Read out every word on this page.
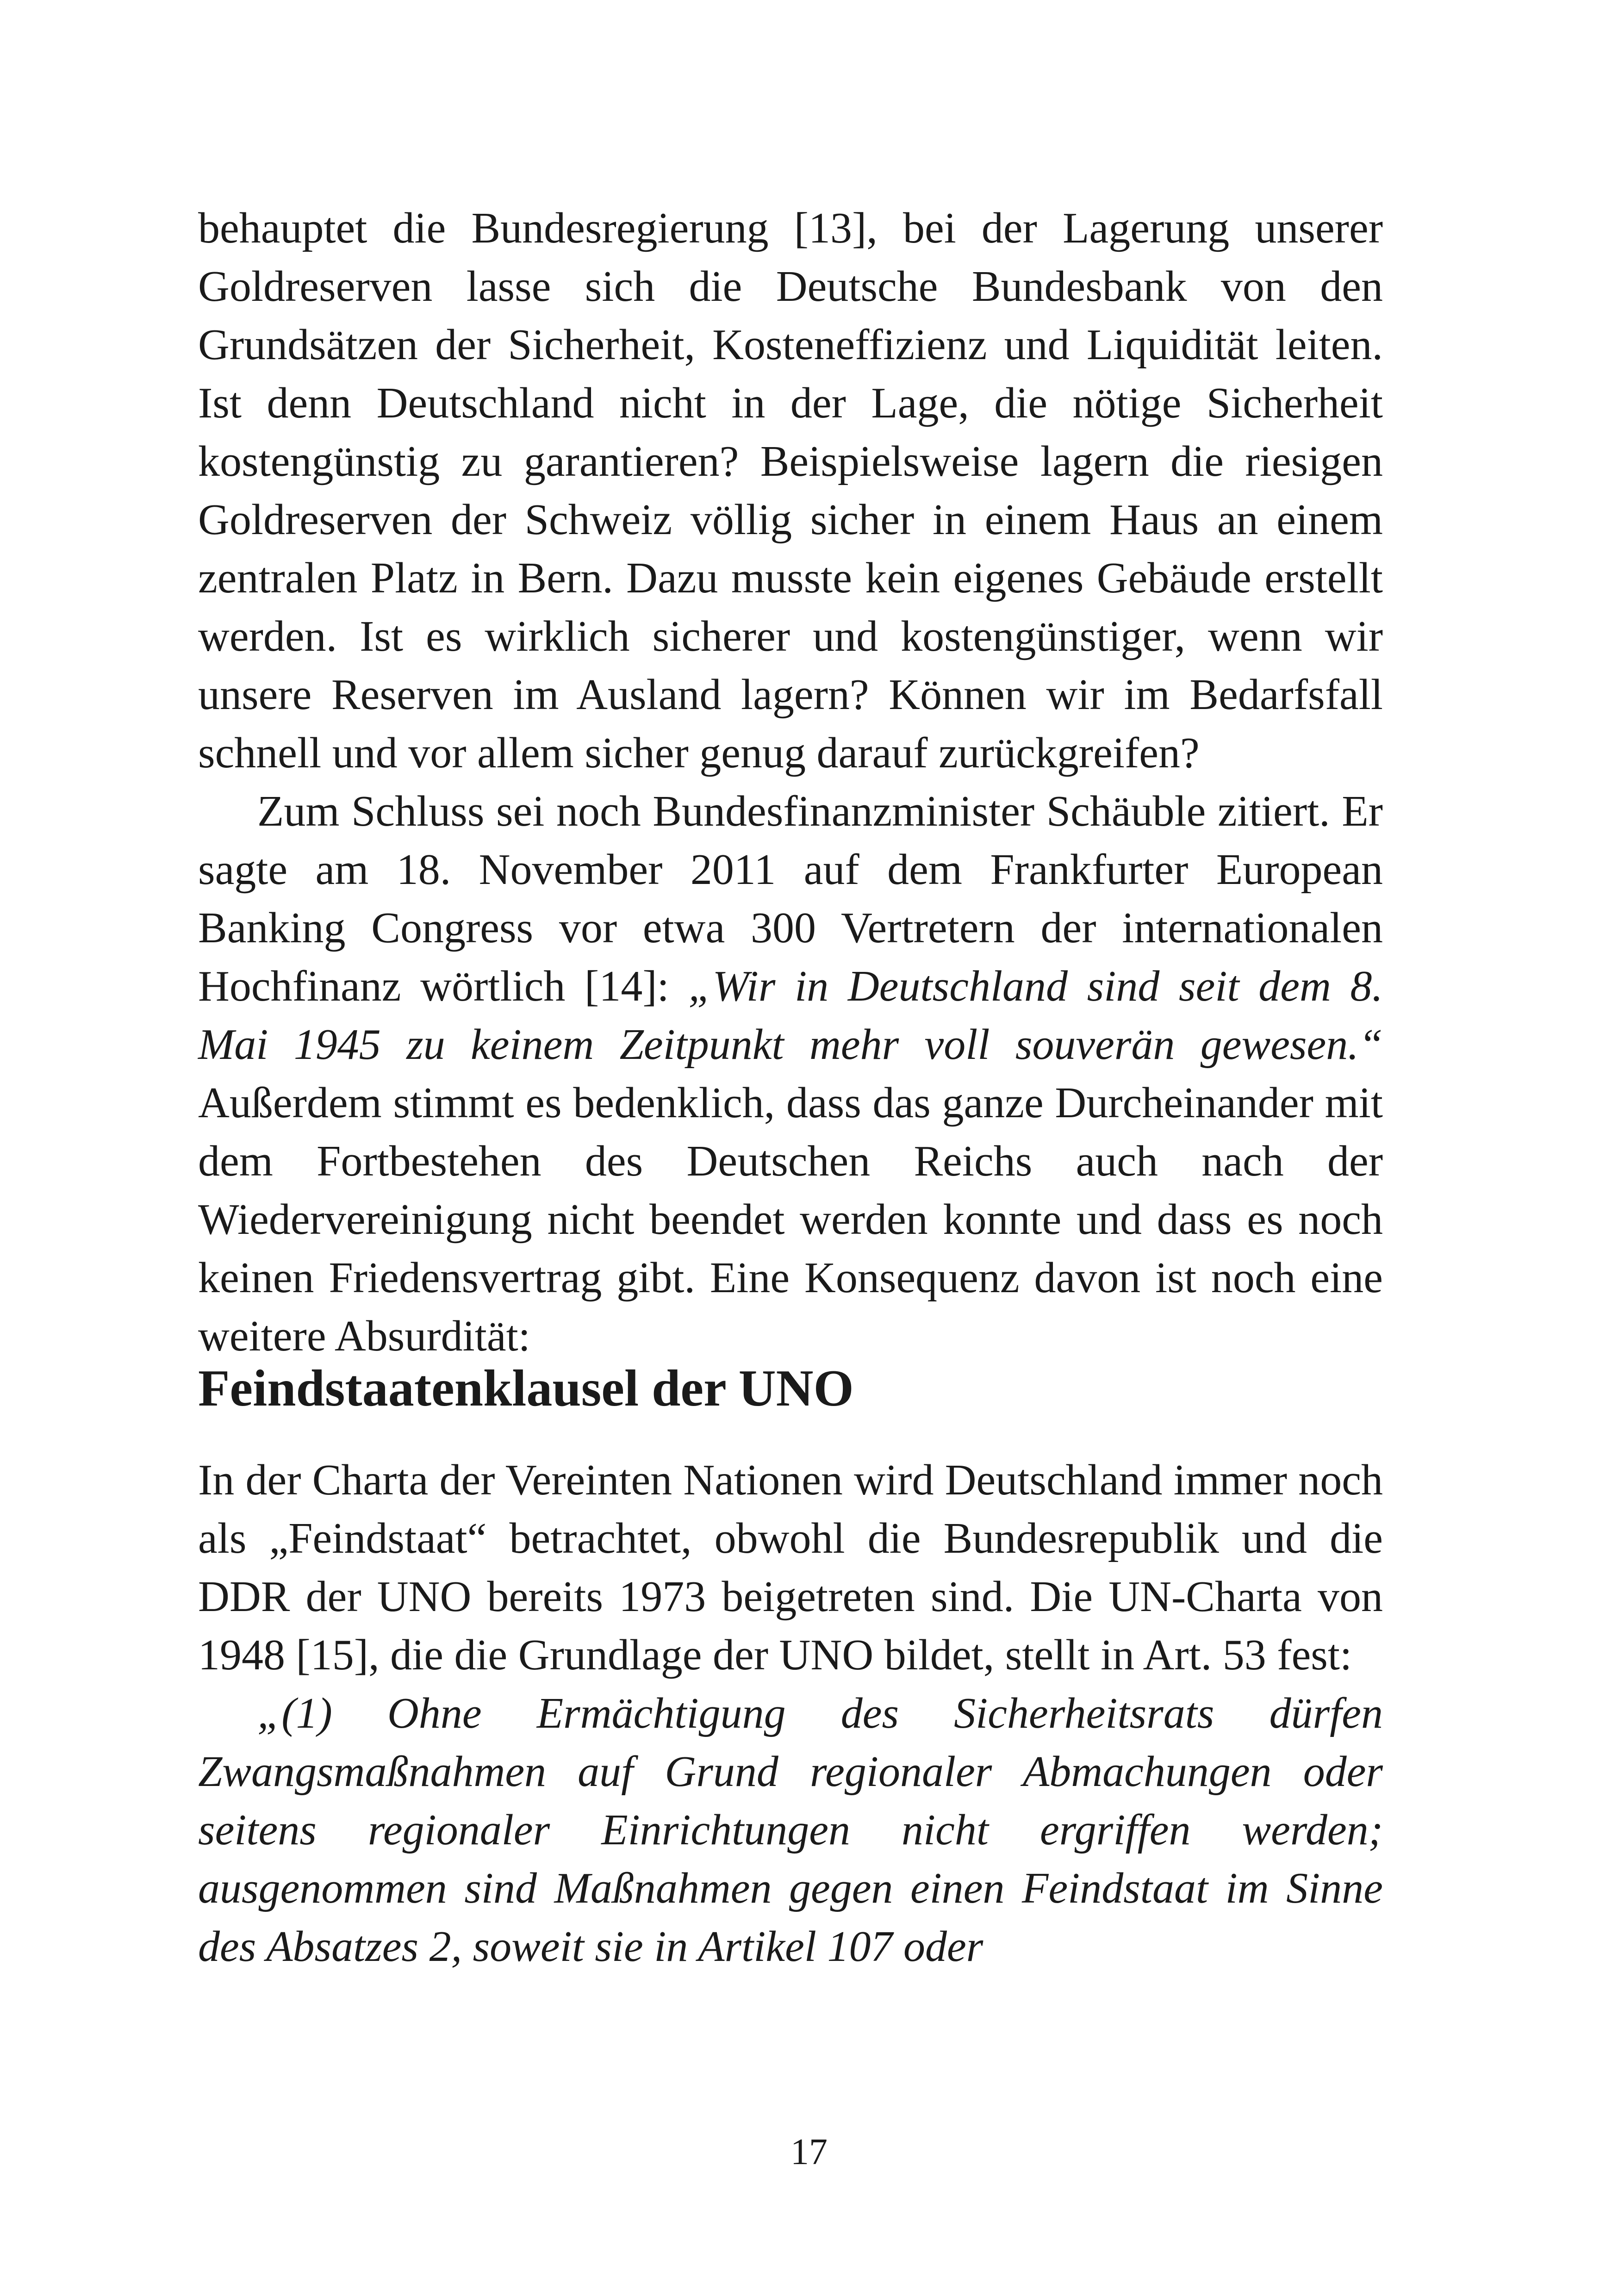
behauptet die Bundesregierung [13], bei der Lagerung unserer Goldreserven lasse sich die Deutsche Bundesbank von den Grundsätzen der Sicherheit, Kosteneffizienz und Liquidität leiten. Ist denn Deutschland nicht in der Lage, die nötige Sicherheit kostengünstig zu garantieren? Beispielsweise lagern die riesigen Goldreserven der Schweiz völlig sicher in einem Haus an einem zentralen Platz in Bern. Dazu musste kein eigenes Gebäude erstellt werden. Ist es wirklich sicherer und kostengünstiger, wenn wir unsere Reserven im Ausland lagern? Können wir im Bedarfsfall schnell und vor allem sicher genug darauf zurückgreifen?

Zum Schluss sei noch Bundesfinanzminister Schäuble zitiert. Er sagte am 18. November 2011 auf dem Frankfurter European Banking Congress vor etwa 300 Vertretern der internationalen Hochfinanz wörtlich [14]: „Wir in Deutschland sind seit dem 8. Mai 1945 zu keinem Zeitpunkt mehr voll souverän gewesen.“ Außerdem stimmt es bedenklich, dass das ganze Durcheinander mit dem Fortbestehen des Deutschen Reichs auch nach der Wiedervereinigung nicht beendet werden konnte und dass es noch keinen Friedensvertrag gibt. Eine Konsequenz davon ist noch eine weitere Absurdität:

Feindstaatenklausel der UNO

In der Charta der Vereinten Nationen wird Deutschland immer noch als „Feindstaat“ betrachtet, obwohl die Bundesrepublik und die DDR der UNO bereits 1973 beigetreten sind. Die UN-Charta von 1948 [15], die die Grundlage der UNO bildet, stellt in Art. 53 fest:

„(1) Ohne Ermächtigung des Sicherheitsrats dürfen Zwangsmaßnahmen auf Grund regionaler Abmachungen oder seitens regionaler Einrichtungen nicht ergriffen werden; ausgenommen sind Maßnahmen gegen einen Feindstaat im Sinne des Absatzes 2, soweit sie in Artikel 107 oder

17
